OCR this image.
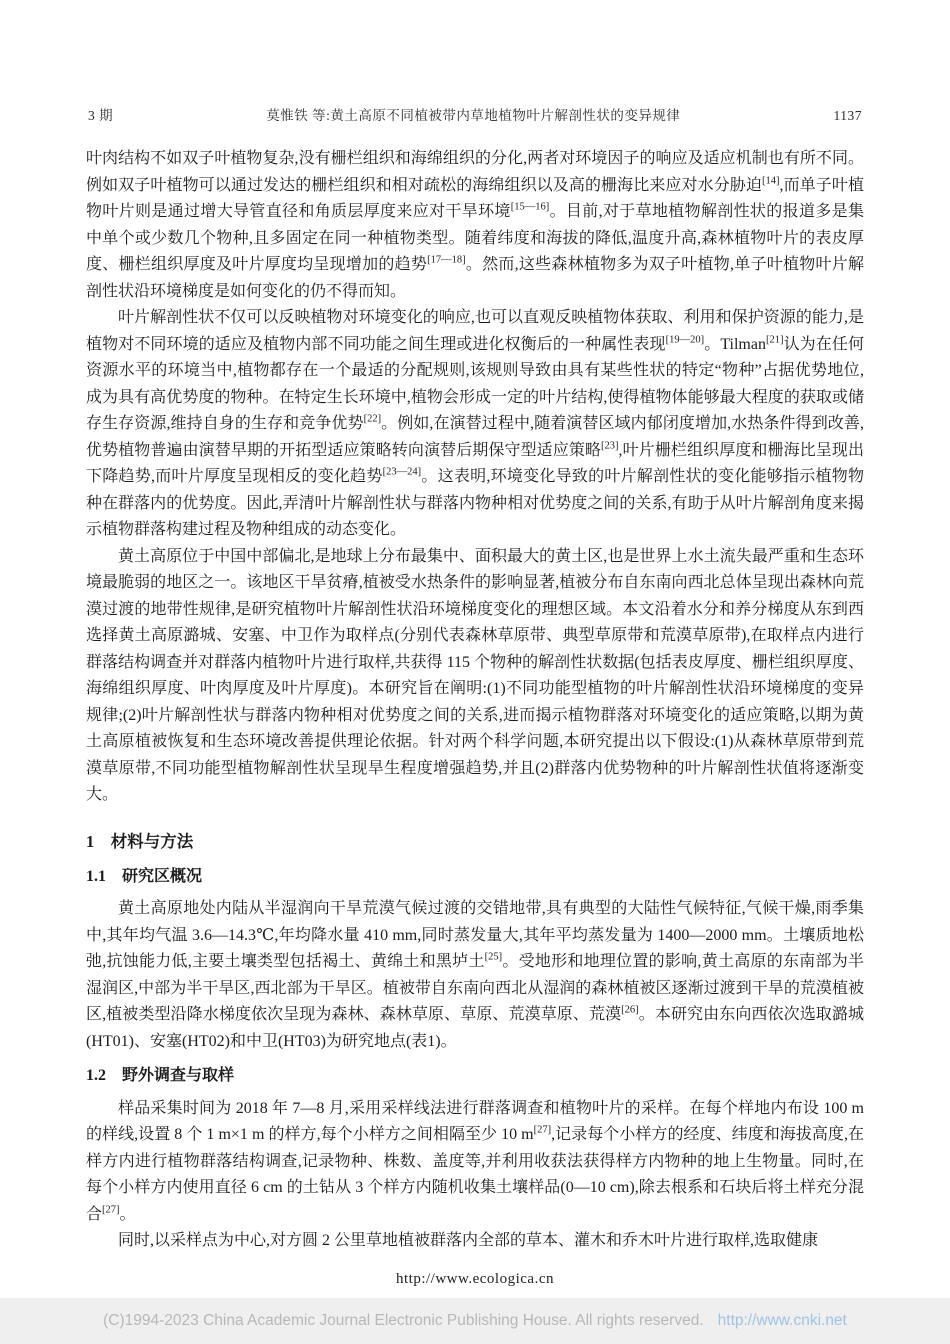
3 期	莫惟铁 等:黄土高原不同植被带内草地植物叶片解剖性状的变异规律	1137

叶肉结构不如双子叶植物复杂,没有栅栏组织和海绵组织的分化,两者对环境因子的响应及适应机制也有所不同。例如双子叶植物可以通过发达的栅栏组织和相对疏松的海绵组织以及高的栅海比来应对水分胁迫[14],而单子叶植物叶片则是通过增大导管直径和角质层厚度来应对干旱环境[15—16]。目前,对于草地植物解剖性状的报道多是集中单个或少数几个物种,且多固定在同一种植物类型。随着纬度和海拔的降低,温度升高,森林植物叶片的表皮厚度、栅栏组织厚度及叶片厚度均呈现增加的趋势[17—18]。然而,这些森林植物多为双子叶植物,单子叶植物叶片解剖性状沿环境梯度是如何变化的仍不得而知。

叶片解剖性状不仅可以反映植物对环境变化的响应,也可以直观反映植物体获取、利用和保护资源的能力,是植物对不同环境的适应及植物内部不同功能之间生理或进化权衡后的一种属性表现[19—20]。Tilman[21]认为在任何资源水平的环境当中,植物都存在一个最适的分配规则,该规则导致由具有某些性状的特定“物种”占据优势地位,成为具有高优势度的物种。在特定生长环境中,植物会形成一定的叶片结构,使得植物体能够最大程度的获取或储存生存资源,维持自身的生存和竞争优势[22]。例如,在演替过程中,随着演替区域内郁闭度增加,水热条件得到改善,优势植物普遍由演替早期的开拓型适应策略转向演替后期保守型适应策略[23],叶片栅栏组织厚度和栅海比呈现出下降趋势,而叶片厚度呈现相反的变化趋势[23—24]。这表明,环境变化导致的叶片解剖性状的变化能够指示植物物种在群落内的优势度。因此,弄清叶片解剖性状与群落内物种相对优势度之间的关系,有助于从叶片解剖角度来揭示植物群落构建过程及物种组成的动态变化。

黄土高原位于中国中部偏北,是地球上分布最集中、面积最大的黄土区,也是世界上水土流失最严重和生态环境最脆弱的地区之一。该地区干旱贫瘠,植被受水热条件的影响显著,植被分布自东南向西北总体呈现出森林向荒漠过渡的地带性规律,是研究植物叶片解剖性状沿环境梯度变化的理想区域。本文沿着水分和养分梯度从东到西选择黄土高原潞城、安塞、中卫作为取样点(分别代表森林草原带、典型草原带和荒漠草原带),在取样点内进行群落结构调查并对群落内植物叶片进行取样,共获得 115 个物种的解剖性状数据(包括表皮厚度、栅栏组织厚度、海绵组织厚度、叶肉厚度及叶片厚度)。本研究旨在阐明:(1)不同功能型植物的叶片解剖性状沿环境梯度的变异规律;(2)叶片解剖性状与群落内物种相对优势度之间的关系,进而揭示植物群落对环境变化的适应策略,以期为黄土高原植被恢复和生态环境改善提供理论依据。针对两个科学问题,本研究提出以下假设:(1)从森林草原带到荒漠草原带,不同功能型植物解剖性状呈现旱生程度增强趋势,并且(2)群落内优势物种的叶片解剖性状值将逐渐变大。

1　材料与方法
1.1　研究区概况

黄土高原地处内陆从半湿润向干旱荒漠气候过渡的交错地带,具有典型的大陆性气候特征,气候干燥,雨季集中,其年均气温 3.6—14.3℃,年均降水量 410 mm,同时蒸发量大,其年平均蒸发量为 1400—2000 mm。土壤质地松弛,抗蚀能力低,主要土壤类型包括褐土、黄绵土和黑垆土[25]。受地形和地理位置的影响,黄土高原的东南部为半湿润区,中部为半干旱区,西北部为干旱区。植被带自东南向西北从湿润的森林植被区逐渐过渡到干旱的荒漠植被区,植被类型沿降水梯度依次呈现为森林、森林草原、草原、荒漠草原、荒漠[26]。本研究由东向西依次选取潞城(HT01)、安塞(HT02)和中卫(HT03)为研究地点(表1)。

1.2　野外调查与取样

样品采集时间为 2018 年 7—8 月,采用采样线法进行群落调查和植物叶片的采样。在每个样地内布设 100 m 的样线,设置 8 个 1 m×1 m 的样方,每个小样方之间相隔至少 10 m[27],记录每个小样方的经度、纬度和海拔高度,在样方内进行植物群落结构调查,记录物种、株数、盖度等,并利用收获法获得样方内物种的地上生物量。同时,在每个小样方内使用直径 6 cm 的土钻从 3 个样方内随机收集土壤样品(0—10 cm),除去根系和石块后将土样充分混合[27]。

同时,以采样点为中心,对方圆 2 公里草地植被群落内全部的草本、灌木和乔木叶片进行取样,选取健康

http://www.ecologica.cn
(C)1994-2023 China Academic Journal Electronic Publishing House. All rights reserved. http://www.cnki.net
